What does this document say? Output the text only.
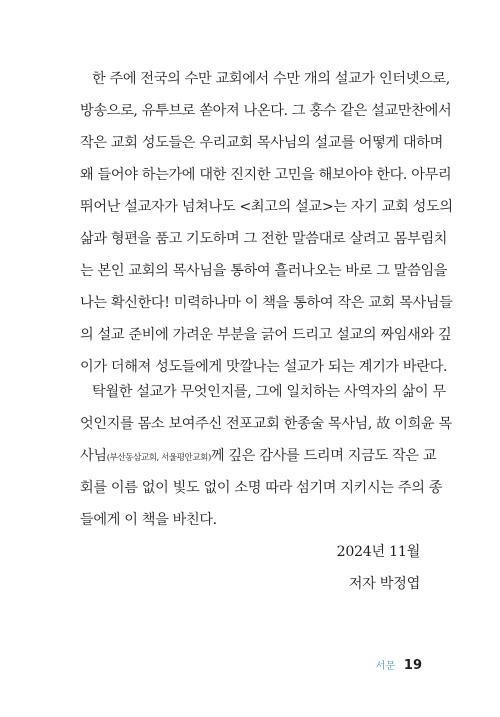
한 주에 전국의 수만 교회에서 수만 개의 설교가 인터넷으로,
방송으로, 유투브로 쏟아져 나온다. 그 홍수 같은 설교만찬에서
작은 교회 성도들은 우리교회 목사님의 설교를 어떻게 대하며
왜 들어야 하는가에 대한 진지한 고민을 해보아야 한다. 아무리
뛰어난 설교자가 넘쳐나도 <최고의 설교>는 자기 교회 성도의
삶과 형편을 품고 기도하며 그 전한 말씀대로 살려고 몸부림치
는 본인 교회의 목사님을 통하여 흘러나오는 바로 그 말씀임을
나는 확신한다! 미력하나마 이 책을 통하여 작은 교회 목사님들
의 설교 준비에 가려운 부분을 긁어 드리고 설교의 짜임새와 깊
이가 더해져 성도들에게 맛깔나는 설교가 되는 계기가 바란다.
탁월한 설교가 무엇인지를, 그에 일치하는 사역자의 삶이 무
엇인지를 몸소 보여주신 전포교회 한종술 목사님, 故 이희윤 목
사님(부산동삼교회, 서울평안교회)께 깊은 감사를 드리며 지금도 작은 교
회를 이름 없이 빛도 없이 소명 따라 섬기며 지키시는 주의 종
들에게 이 책을 바친다.
2024년 11월
저자 박정엽
서문 19
